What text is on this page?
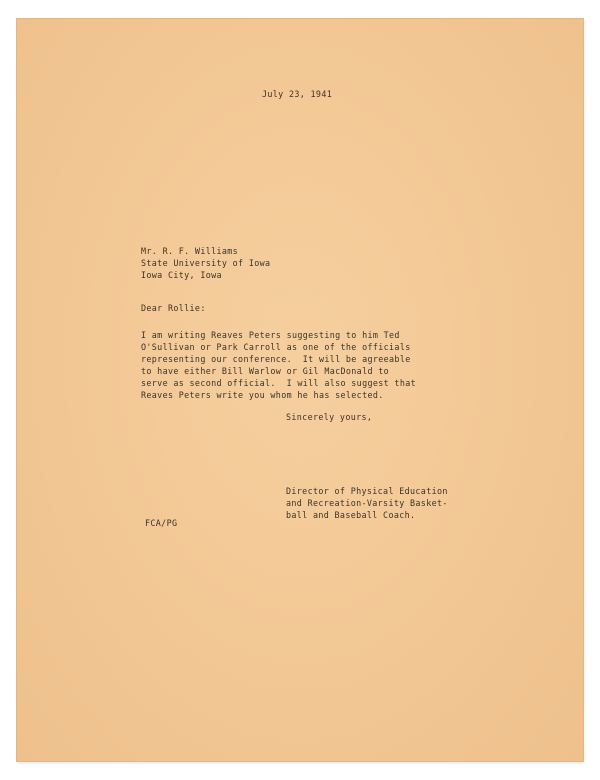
July 23, 1941

Mr. R. F. Williams
State University of Iowa
Iowa City, Iowa

Dear Rollie:

I am writing Reaves Peters suggesting to him Ted
O'Sullivan or Park Carroll as one of the officials
representing our conference.  It will be agreeable
to have either Bill Warlow or Gil MacDonald to
serve as second official.  I will also suggest that
Reaves Peters write you whom he has selected.

Sincerely yours,

Director of Physical Education
and Recreation-Varsity Basket-
ball and Baseball Coach.

FCA/PG
